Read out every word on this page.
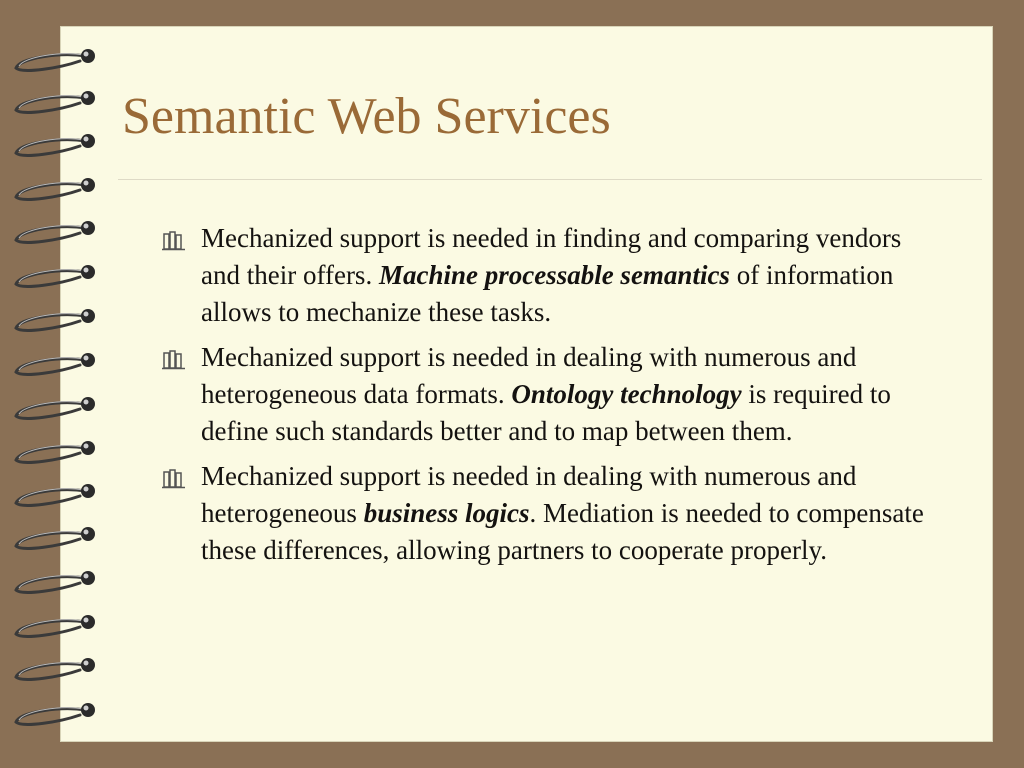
Semantic Web Services
Mechanized support is needed in finding and comparing vendors and their offers. Machine processable semantics of information allows to mechanize these tasks.
Mechanized support is needed in dealing with numerous and heterogeneous data formats. Ontology technology is required to define such standards better and to map between them.
Mechanized support is needed in dealing with numerous and heterogeneous business logics. Mediation is needed to compensate these differences, allowing partners to cooperate properly.
